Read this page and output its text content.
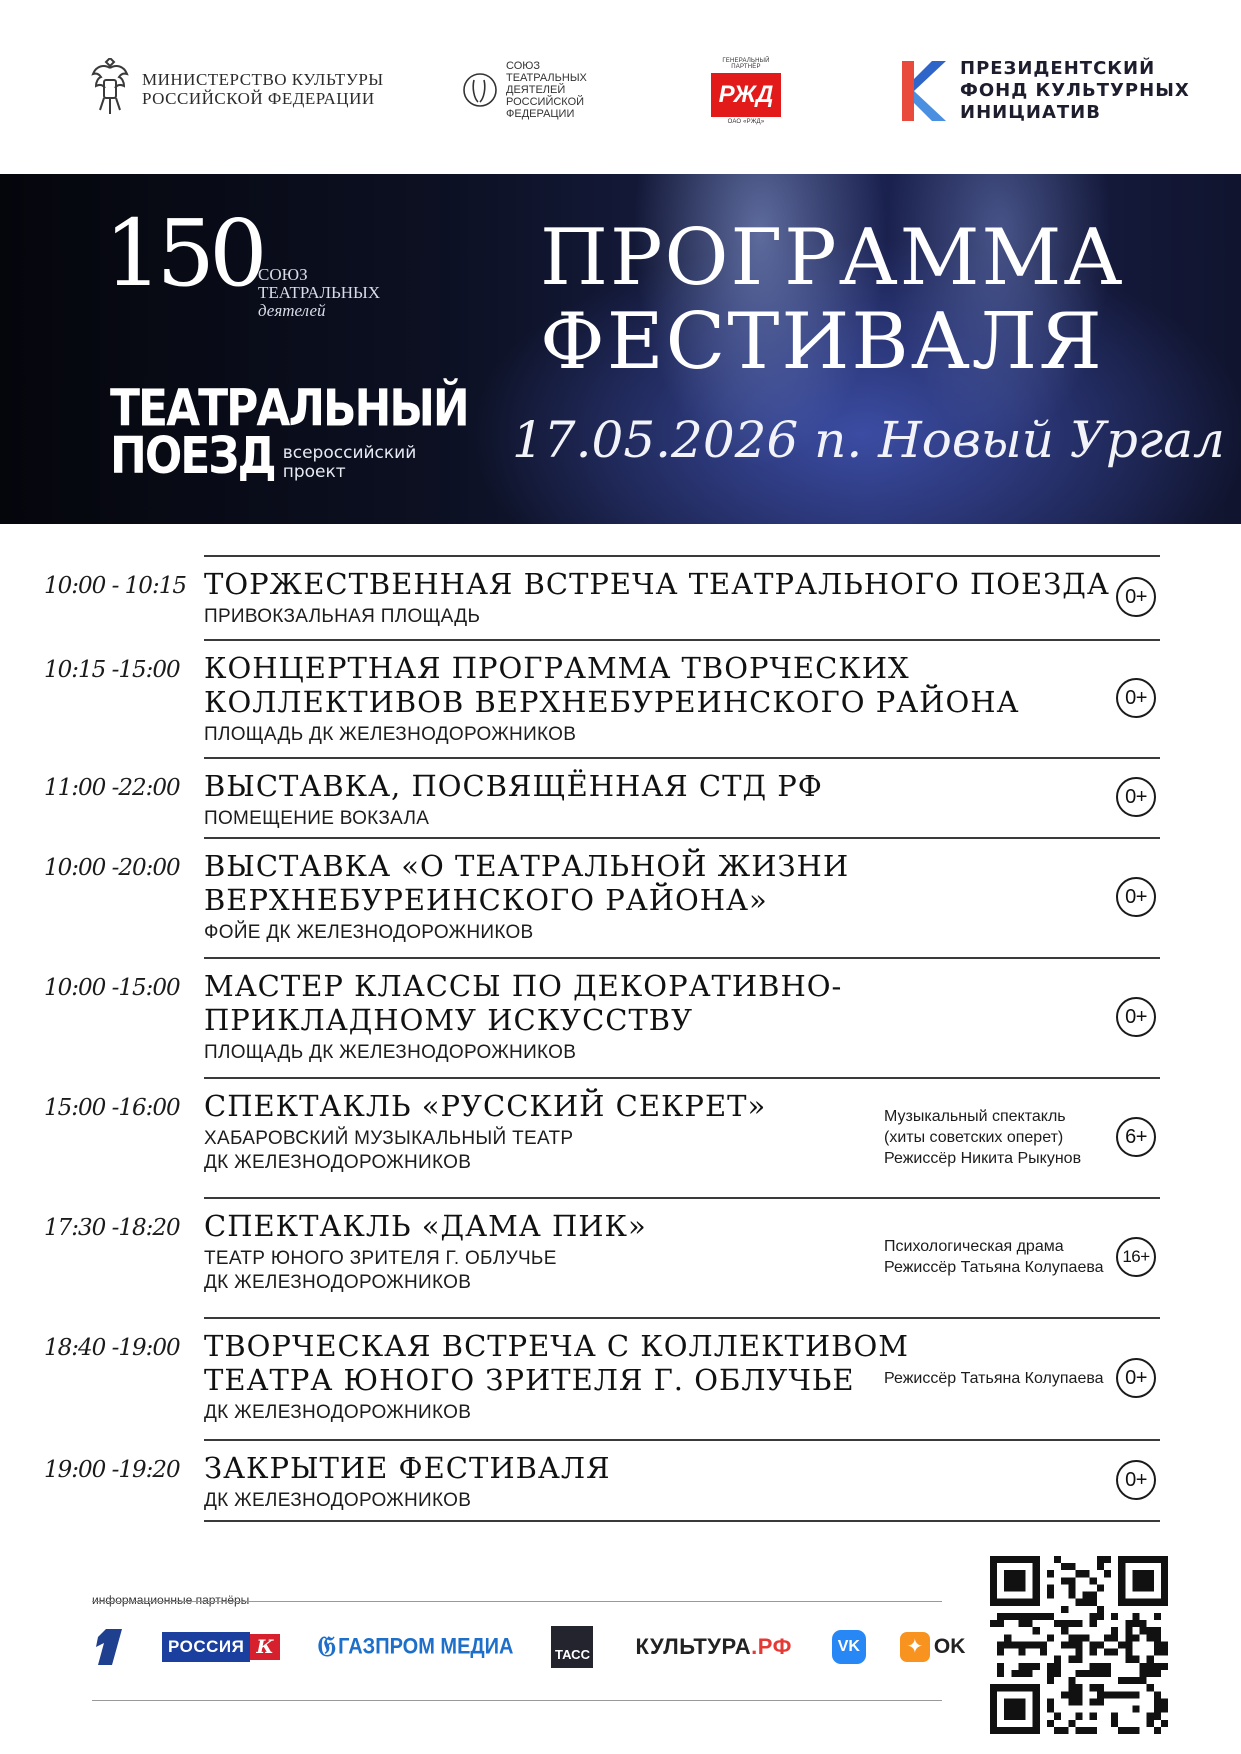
МИНИСТЕРСТВО КУЛЬТУРЫ
РОССИЙСКОЙ ФЕДЕРАЦИИ
СОЮЗ
ТЕАТРАЛЬНЫХ
ДЕЯТЕЛЕЙ
РОССИЙСКОЙ
ФЕДЕРАЦИИ
ГЕНЕРАЛЬНЫЙ ПАРТНЁР
РЖД
ОАО «РЖД»
ПРЕЗИДЕНТСКИЙ
ФОНД КУЛЬТУРНЫХ
ИНИЦИАТИВ
150
СОЮЗ
ТЕАТРАЛЬНЫХ
деятелей
ТЕАТРАЛЬНЫЙ
ПОЕЗД всероссийский
проект
ПРОГРАММА
ФЕСТИВАЛЯ
17.05.2026 п. Новый Ургал
10:00 - 10:15 ТОРЖЕСТВЕННАЯ ВСТРЕЧА ТЕАТРАЛЬНОГО ПОЕЗДА
ПРИВОКЗАЛЬНАЯ ПЛОЩАДЬ
0+
10:15 -15:00 КОНЦЕРТНАЯ ПРОГРАММА ТВОРЧЕСКИХ
КОЛЛЕКТИВОВ ВЕРХНЕБУРЕИНСКОГО РАЙОНА
ПЛОЩАДЬ ДК ЖЕЛЕЗНОДОРОЖНИКОВ
0+
11:00 -22:00 ВЫСТАВКА, ПОСВЯЩЁННАЯ СТД РФ
ПОМЕЩЕНИЕ ВОКЗАЛА
0+
10:00 -20:00 ВЫСТАВКА «О ТЕАТРАЛЬНОЙ ЖИЗНИ
ВЕРХНЕБУРЕИНСКОГО РАЙОНА»
ФОЙЕ ДК ЖЕЛЕЗНОДОРОЖНИКОВ
0+
10:00 -15:00 МАСТЕР КЛАССЫ ПО ДЕКОРАТИВНО-
ПРИКЛАДНОМУ ИСКУССТВУ
ПЛОЩАДЬ ДК ЖЕЛЕЗНОДОРОЖНИКОВ
0+
15:00 -16:00 СПЕКТАКЛЬ «РУССКИЙ СЕКРЕТ»
ХАБАРОВСКИЙ МУЗЫКАЛЬНЫЙ ТЕАТР
ДК ЖЕЛЕЗНОДОРОЖНИКОВ
Музыкальный спектакль
(хиты советских оперет)
Режиссёр Никита Рыкунов
6+
17:30 -18:20 СПЕКТАКЛЬ «ДАМА ПИК»
ТЕАТР ЮНОГО ЗРИТЕЛЯ Г. ОБЛУЧЬЕ
ДК ЖЕЛЕЗНОДОРОЖНИКОВ
Психологическая драма
Режиссёр Татьяна Колупаева
16+
18:40 -19:00 ТВОРЧЕСКАЯ ВСТРЕЧА С КОЛЛЕКТИВОМ
ТЕАТРА ЮНОГО ЗРИТЕЛЯ Г. ОБЛУЧЬЕ
ДК ЖЕЛЕЗНОДОРОЖНИКОВ
Режиссёр Татьяна Колупаева	0+
19:00 -19:20 ЗАКРЫТИЕ ФЕСТИВАЛЯ
ДК ЖЕЛЕЗНОДОРОЖНИКОВ
0+
информационные партнёры
РОССИЯ К 𝔊 ГАЗПРОМ МЕДИА	ТАСС КУЛЬТУРА.РФ	VK	✦ OK
